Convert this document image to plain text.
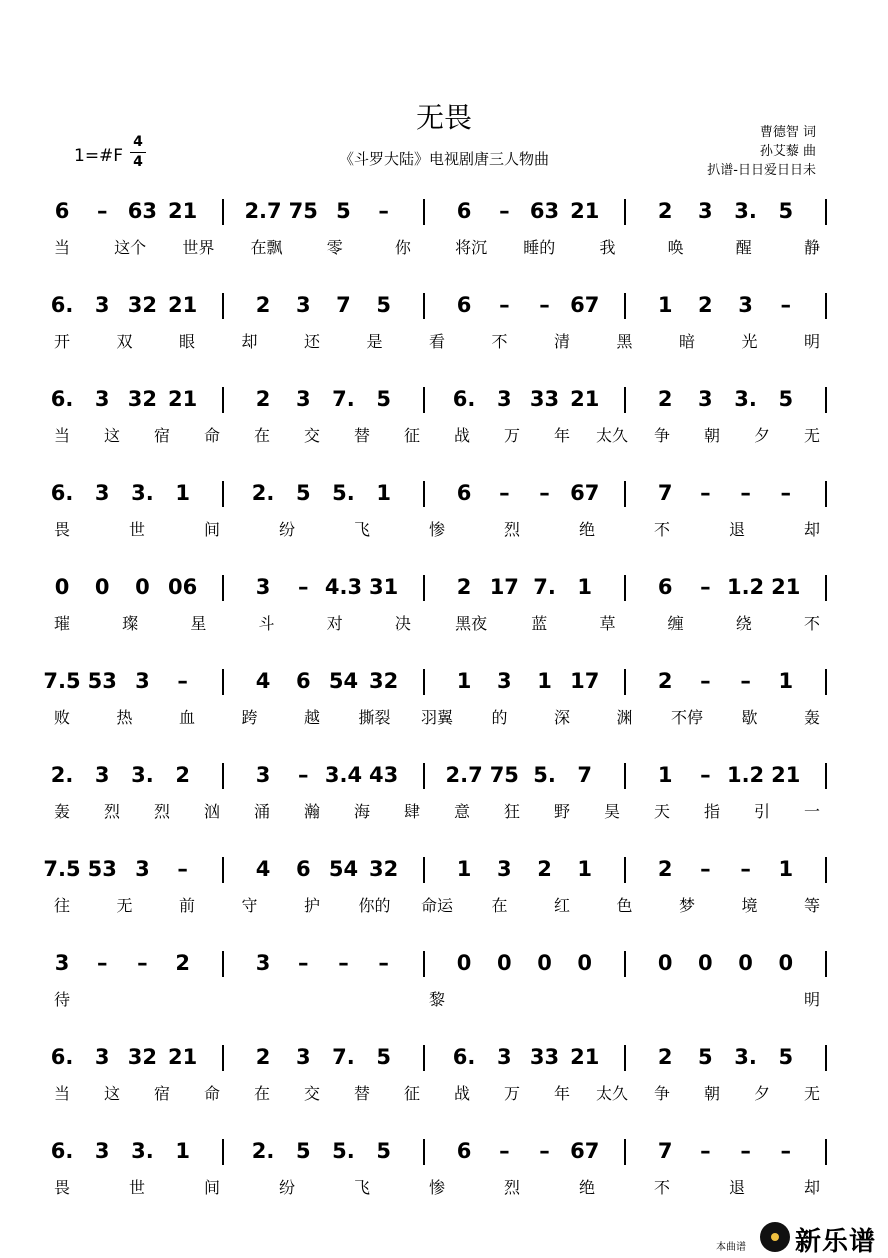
无畏
《斗罗大陆》电视剧唐三人物曲
曹德智 词
孙艾藜 曲
扒谱-日日爱日日未
1=#F
4
4
6	– 63 21 2.7 75 5	–	6	– 63 21	2 3 3. 5
当	这个 世界 在飘	零	你	将沉 睡的	我	唤	醒	静
6. 3 32 21	2 3 7 5	6	–	– 67	1 2 3	–
开	双	眼	却	还	是	看	不	清	黑	暗	光	明
6. 3 32 21	2 3 7. 5	6. 3 33 21	2 3 3. 5
当	这	宿	命	在	交	替	征	战	万	年	太久	争	朝	夕	无
6. 3 3. 1	2. 5 5. 1	6	–	– 67	7	–	–	–
畏	世	间	纷	飞	惨	烈	绝	不	退	却
0 0 0 06	3	– 4.3 31	2 17 7. 1	6	– 1.2 21
璀	璨	星	斗	对	决	黑夜	蓝	草	缠	绕	不
7.5 53 3	–	4 6 54 32	1 3 1 17	2	–	–	1
败	热	血	跨	越	撕裂 羽翼	的	深	渊	不停	歇	轰
2. 3 3. 2	3	– 3.4 43 2.7 75 5. 7	1	– 1.2 21
轰	烈	烈	汹	涌	瀚	海	肆	意	狂	野	昊	天	指	引	一
7.5 53 3	–	4 6 54 32	1 3 2 1	2	–	–	1
往	无	前	守	护	你的 命运	在	红	色	梦	境	等
3	–	–	2	3	–	–	–	0 0 0 0	0 0 0 0
待	黎	明
6. 3 32 21	2 3 7. 5	6. 3 33 21	2 5 3. 5
当	这	宿	命	在	交	替	征	战	万	年	太久	争	朝	夕	无
6. 3 3. 1	2. 5 5. 5	6	–	– 67	7	–	–	–
畏	世	间	纷	飞	惨	烈	绝	不	退	却
本曲谱 新乐谱
